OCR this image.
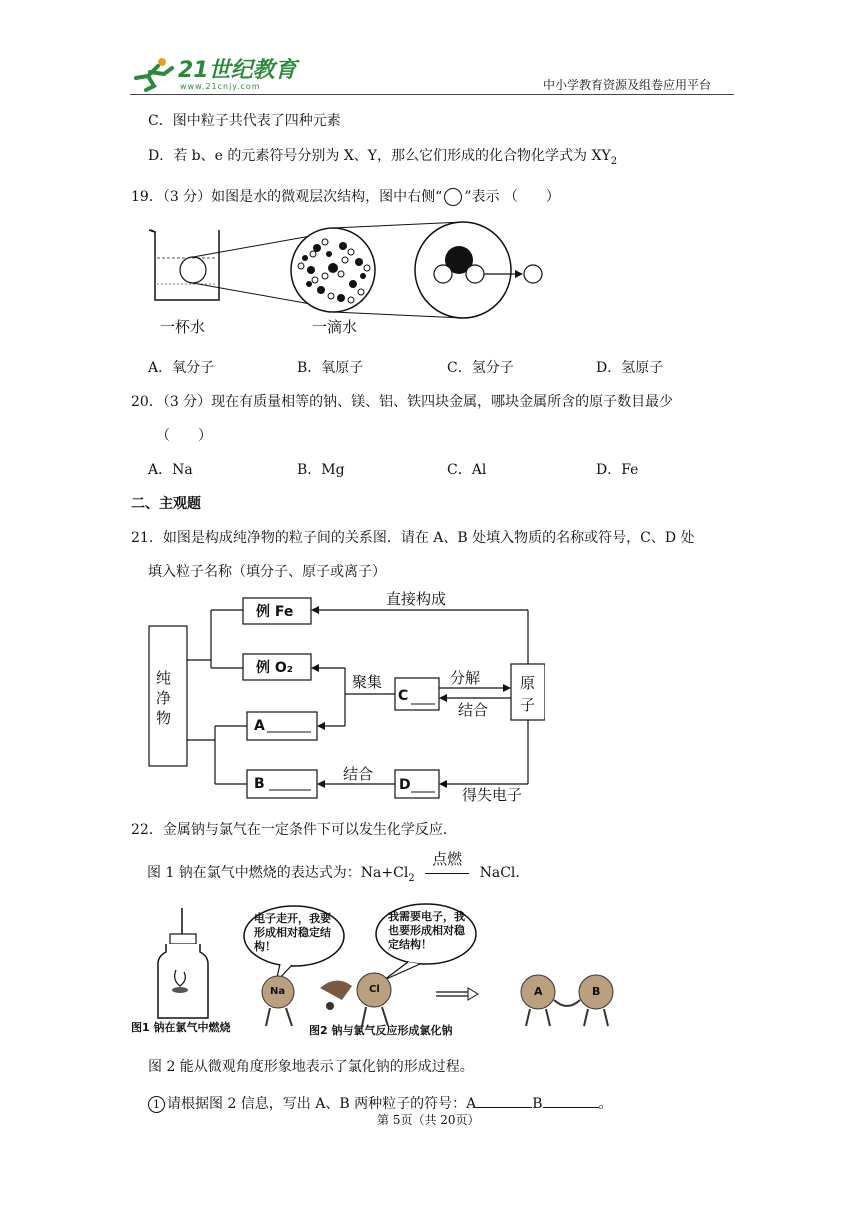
21世纪教育
www.21cnjy.com	中小学教育资源及组卷应用平台
C．图中粒子共代表了四种元素
D．若 b、e 的元素符号分别为 X、Y，那么它们形成的化合物化学式为 $XY_2$
19．（3 分）如图是水的微观层次结构，图中右侧“ ”表示 （　　）
一杯水	一滴水
A．氧分子	B．氧原子	C．氢分子	D．氢原子
20．（3 分）现在有质量相等的钠、镁、铝、铁四块金属，哪块金属所含的原子数目最少
（　　）
A．Na	B．Mg	C．Al	D．Fe
二、主观题
21．如图是构成纯净物的粒子间的关系图．请在 A、B 处填入物质的名称或符号，C、D 处
填入粒子名称（填分子、原子或离子）
纯净物
例 Fe
例 O₂
A
B
C
D
原子
直接构成
聚集	分解
结合
结合
得失电子
22．金属钠与氯气在一定条件下可以发生化学反应．
图 1 钠在氯气中燃烧的表达式为：$Na+Cl_2$
点燃
NaCl.
电子走开，我要形成相对稳定结构！
我需要电子，我也要形成相对稳定结构！
Na	Cl	A	B
图1 钠在氯气中燃烧	图2 钠与氯气反应形成氯化钠
图 2 能从微观角度形象地表示了氯化钠的形成过程。
1 请根据图 2 信息，写出 A、B 两种粒子的符号：A	B	。
第 5页（共 20页）
